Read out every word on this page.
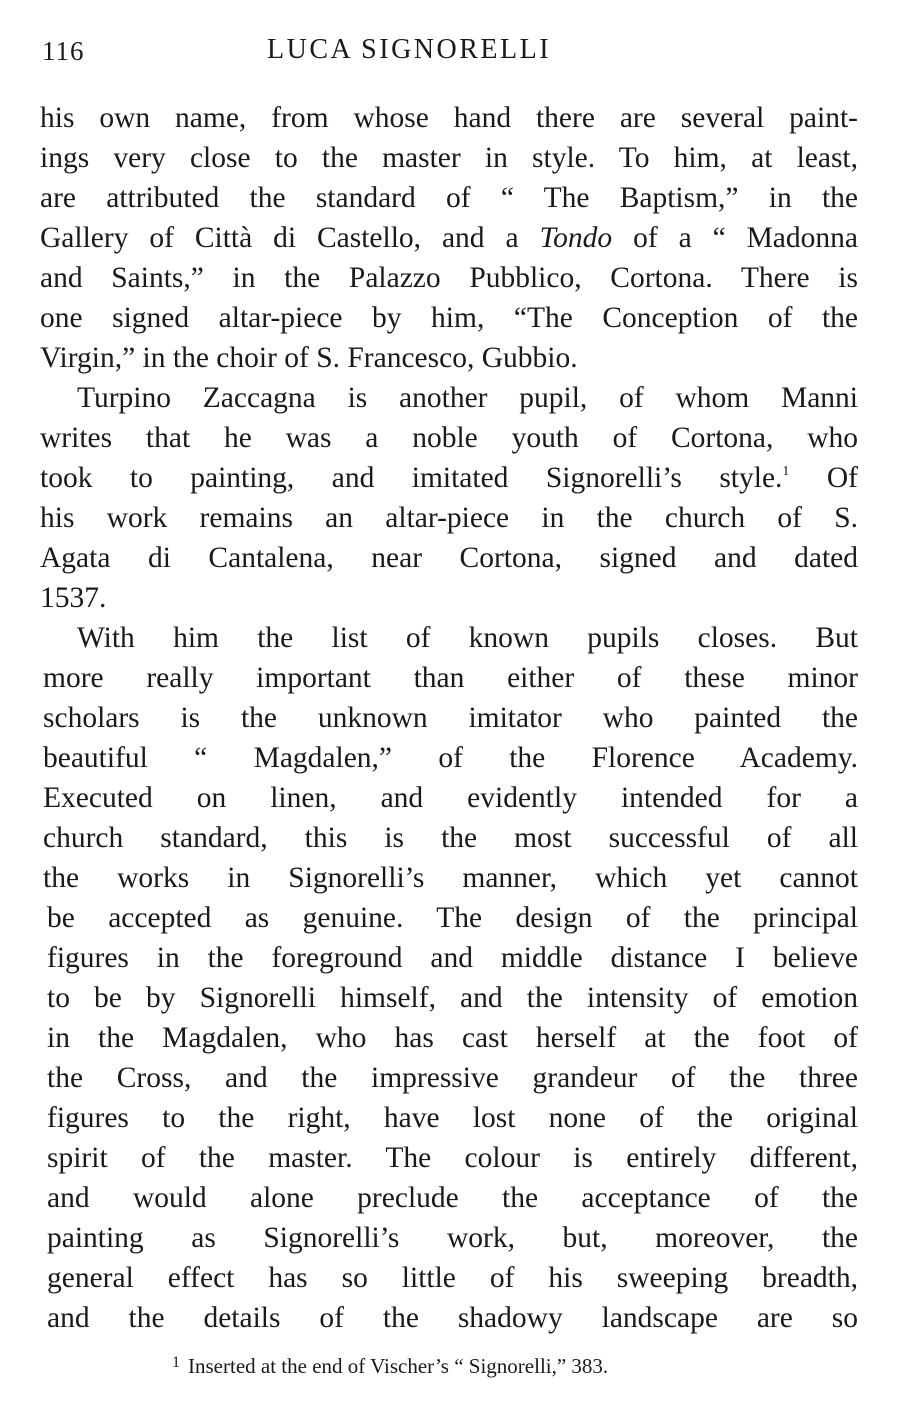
116	LUCA SIGNORELLI
his own name, from whose hand there are several paint-
ings very close to the master in style. To him, at least,
are attributed the standard of “ The Baptism,” in the
Gallery of Città di Castello, and a Tondo of a “ Madonna
and Saints,” in the Palazzo Pubblico, Cortona. There is
one signed altar-piece by him, “The Conception of the
Virgin,” in the choir of S. Francesco, Gubbio.
Turpino Zaccagna is another pupil, of whom Manni
writes that he was a noble youth of Cortona, who
took to painting, and imitated Signorelli’s style.$^1$ Of
his work remains an altar-piece in the church of S.
Agata di Cantalena, near Cortona, signed and dated
1537.
With him the list of known pupils closes. But
more really important than either of these minor
scholars is the unknown imitator who painted the
beautiful “ Magdalen,” of the Florence Academy.
Executed on linen, and evidently intended for a
church standard, this is the most successful of all
the works in Signorelli’s manner, which yet cannot
be accepted as genuine. The design of the principal
figures in the foreground and middle distance I believe
to be by Signorelli himself, and the intensity of emotion
in the Magdalen, who has cast herself at the foot of
the Cross, and the impressive grandeur of the three
figures to the right, have lost none of the original
spirit of the master. The colour is entirely different,
and would alone preclude the acceptance of the
painting as Signorelli’s work, but, moreover, the
general effect has so little of his sweeping breadth,
and the details of the shadowy landscape are so
$^1$ Inserted at the end of Vischer’s “ Signorelli,” 383.
